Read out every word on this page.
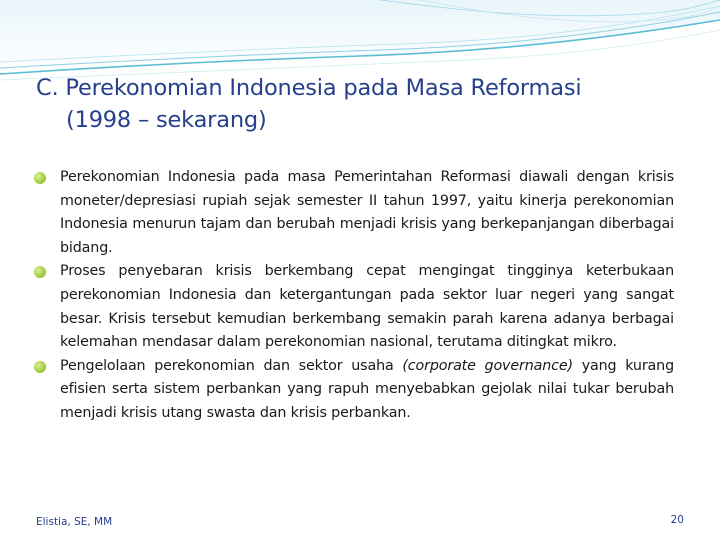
C. Perekonomian Indonesia pada Masa Reformasi
(1998 – sekarang)
Perekonomian Indonesia pada masa Pemerintahan Reformasi diawali dengan krisis moneter/depresiasi rupiah sejak semester II tahun 1997, yaitu kinerja perekonomian Indonesia menurun tajam dan berubah menjadi krisis yang berkepanjangan diberbagai bidang.
Proses penyebaran krisis berkembang cepat mengingat tingginya keterbukaan perekonomian Indonesia dan ketergantungan pada sektor luar negeri yang sangat besar. Krisis tersebut kemudian berkembang semakin parah karena adanya berbagai kelemahan mendasar dalam perekonomian nasional, terutama ditingkat mikro.
Pengelolaan perekonomian dan sektor usaha (corporate governance) yang kurang efisien serta sistem perbankan yang rapuh menyebabkan gejolak nilai tukar berubah menjadi krisis utang swasta dan krisis perbankan.
Elistia, SE, MM	20
